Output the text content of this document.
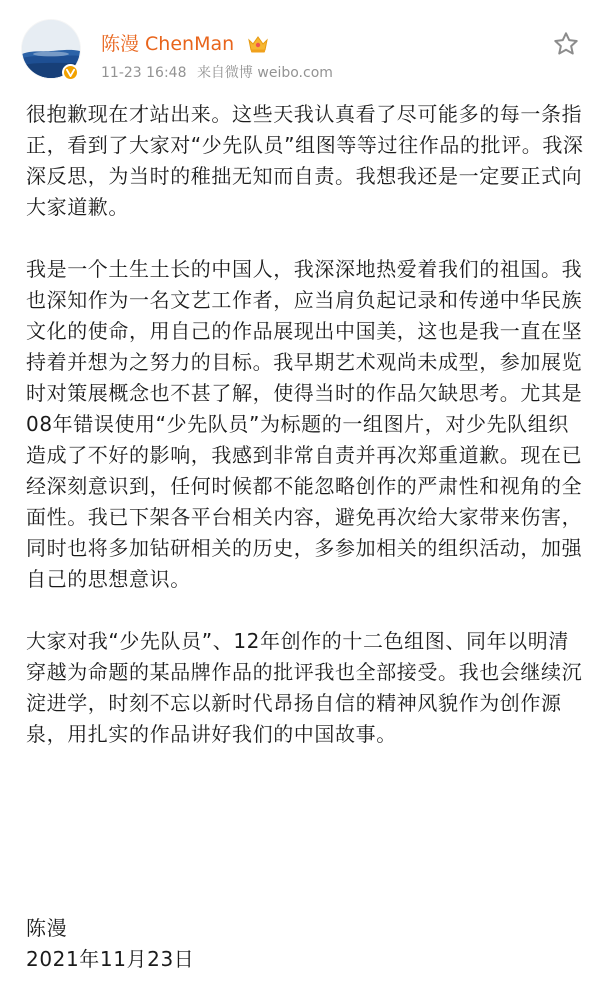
陈漫 ChenMan
11-23 16:48 来自微博 weibo.com

很抱歉现在才站出来。这些天我认真看了尽可能多的每一条指正，看到了大家对“少先队员”组图等等过往作品的批评。我深深反思，为当时的稚拙无知而自责。我想我还是一定要正式向大家道歉。

我是一个土生土长的中国人，我深深地热爱着我们的祖国。我也深知作为一名文艺工作者，应当肩负起记录和传递中华民族文化的使命，用自己的作品展现出中国美，这也是我一直在坚持着并想为之努力的目标。我早期艺术观尚未成型，参加展览时对策展概念也不甚了解，使得当时的作品欠缺思考。尤其是08年错误使用“少先队员”为标题的一组图片，对少先队组织造成了不好的影响，我感到非常自责并再次郑重道歉。现在已经深刻意识到，任何时候都不能忽略创作的严肃性和视角的全面性。我已下架各平台相关内容，避免再次给大家带来伤害，同时也将多加钻研相关的历史，多参加相关的组织活动，加强自己的思想意识。

大家对我“少先队员”、12年创作的十二色组图、同年以明清穿越为命题的某品牌作品的批评我也全部接受。我也会继续沉淀进学，时刻不忘以新时代昂扬自信的精神风貌作为创作源泉，用扎实的作品讲好我们的中国故事。

陈漫
2021年11月23日
